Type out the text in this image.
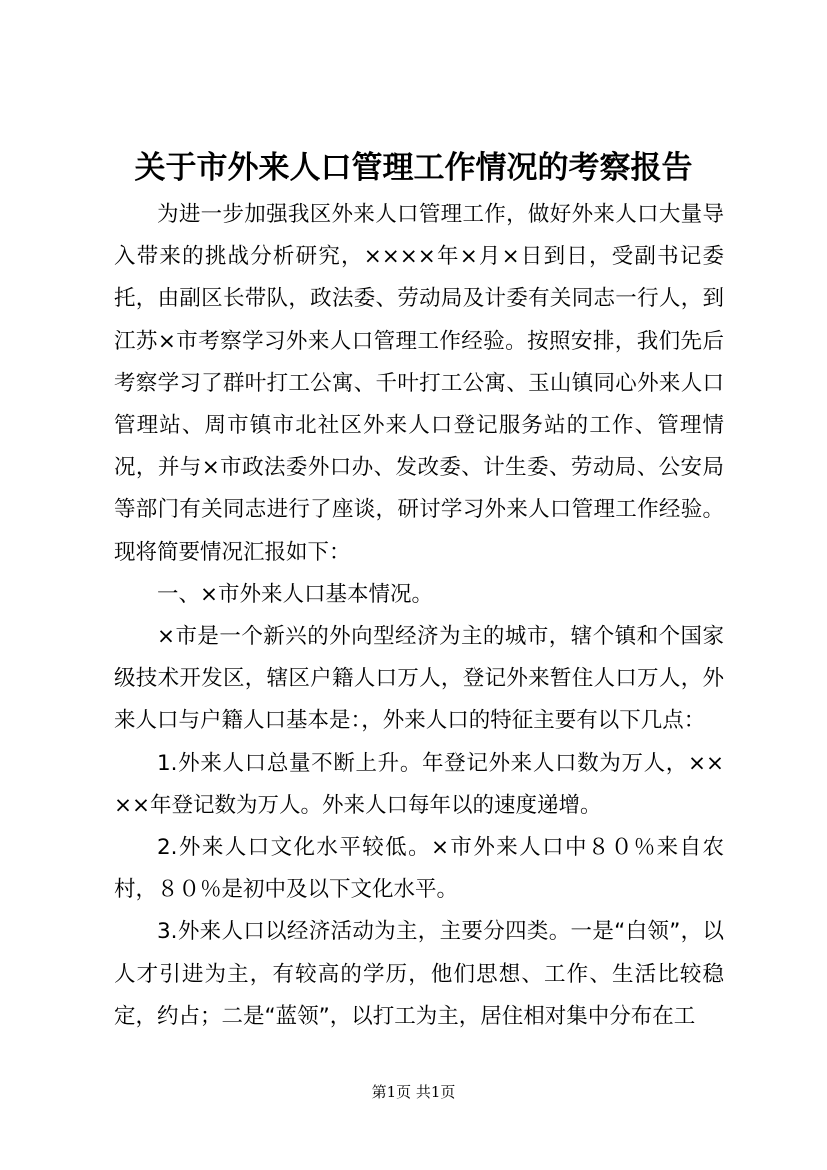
关于市外来人口管理工作情况的考察报告

为进一步加强我区外来人口管理工作，做好外来人口大量导入带来的挑战分析研究，××××年×月×日到日，受副书记委托，由副区长带队，政法委、劳动局及计委有关同志一行人，到江苏×市考察学习外来人口管理工作经验。按照安排，我们先后考察学习了群叶打工公寓、千叶打工公寓、玉山镇同心外来人口管理站、周市镇市北社区外来人口登记服务站的工作、管理情况，并与×市政法委外口办、发改委、计生委、劳动局、公安局等部门有关同志进行了座谈，研讨学习外来人口管理工作经验。现将简要情况汇报如下：

一、×市外来人口基本情况。

×市是一个新兴的外向型经济为主的城市，辖个镇和个国家级技术开发区，辖区户籍人口万人，登记外来暂住人口万人，外来人口与户籍人口基本是：，外来人口的特征主要有以下几点：

1.外来人口总量不断上升。年登记外来人口数为万人，××××年登记数为万人。外来人口每年以的速度递增。

2.外来人口文化水平较低。×市外来人口中８０％来自农村，８０％是初中及以下文化水平。

3.外来人口以经济活动为主，主要分四类。一是“白领”，以人才引进为主，有较高的学历，他们思想、工作、生活比较稳定，约占；二是“蓝领”，以打工为主，居住相对集中分布在工

第1页 共1页
